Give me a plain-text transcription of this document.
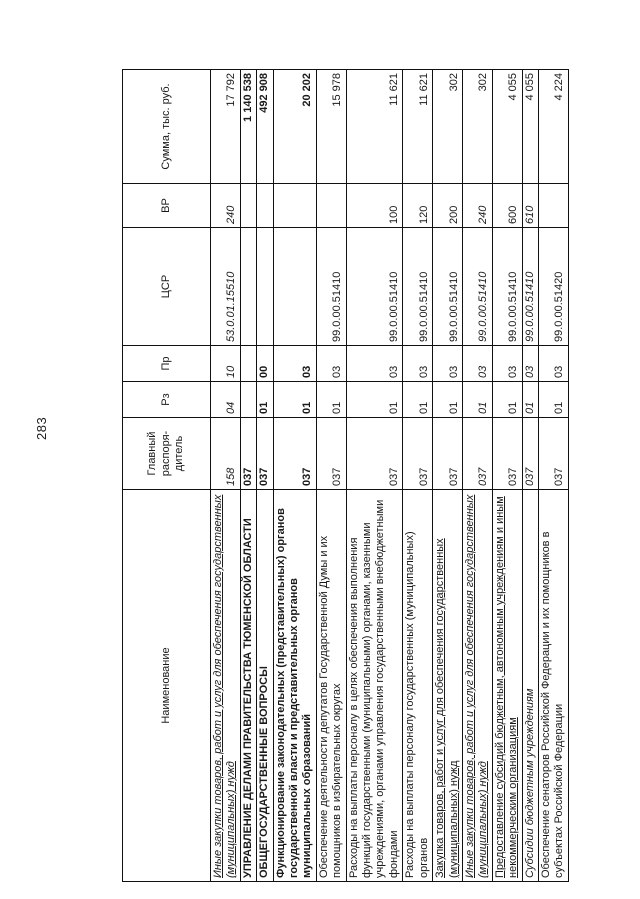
283
Наименование	Главный распоря-дитель	Рз	Пр	ЦСР	ВР	Сумма, тыс. руб.
Иные закупки товаров, работ и услуг для обеспечения государственных (муниципальных) нужд	158	04	10	53.0.01.15510	240	17 792
УПРАВЛЕНИЕ ДЕЛАМИ ПРАВИТЕЛЬСТВА ТЮМЕНСКОЙ ОБЛАСТИ	037					1 140 538
ОБЩЕГОСУДАРСТВЕННЫЕ ВОПРОСЫ	037	01	00			492 908
Функционирование законодательных (представительных) органов государственной власти и представительных органов муниципальных образований	037	01	03			20 202
Обеспечение деятельности депутатов Государственной Думы и их помощников в избирательных округах	037	01	03	99.0.00.51410		15 978
Расходы на выплаты персоналу в целях обеспечения выполнения функций государственными (муниципальными) органами, казенными учреждениями, органами управления государственными внебюджетными фондами	037	01	03	99.0.00.51410	100	11 621
Расходы на выплаты персоналу государственных (муниципальных) органов	037	01	03	99.0.00.51410	120	11 621
Закупка товаров, работ и услуг для обеспечения государственных (муниципальных) нужд	037	01	03	99.0.00.51410	200	302
Иные закупки товаров, работ и услуг для обеспечения государственных (муниципальных) нужд	037	01	03	99.0.00.51410	240	302
Предоставление субсидий бюджетным, автономным учреждениям и иным некоммерческим организациям	037	01	03	99.0.00.51410	600	4 055
Субсидии бюджетным учреждениям	037	01	03	99.0.00.51410	610	4 055
Обеспечение сенаторов Российской Федерации и их помощников в субъектах Российской Федерации	037	01	03	99.0.00.51420		4 224
